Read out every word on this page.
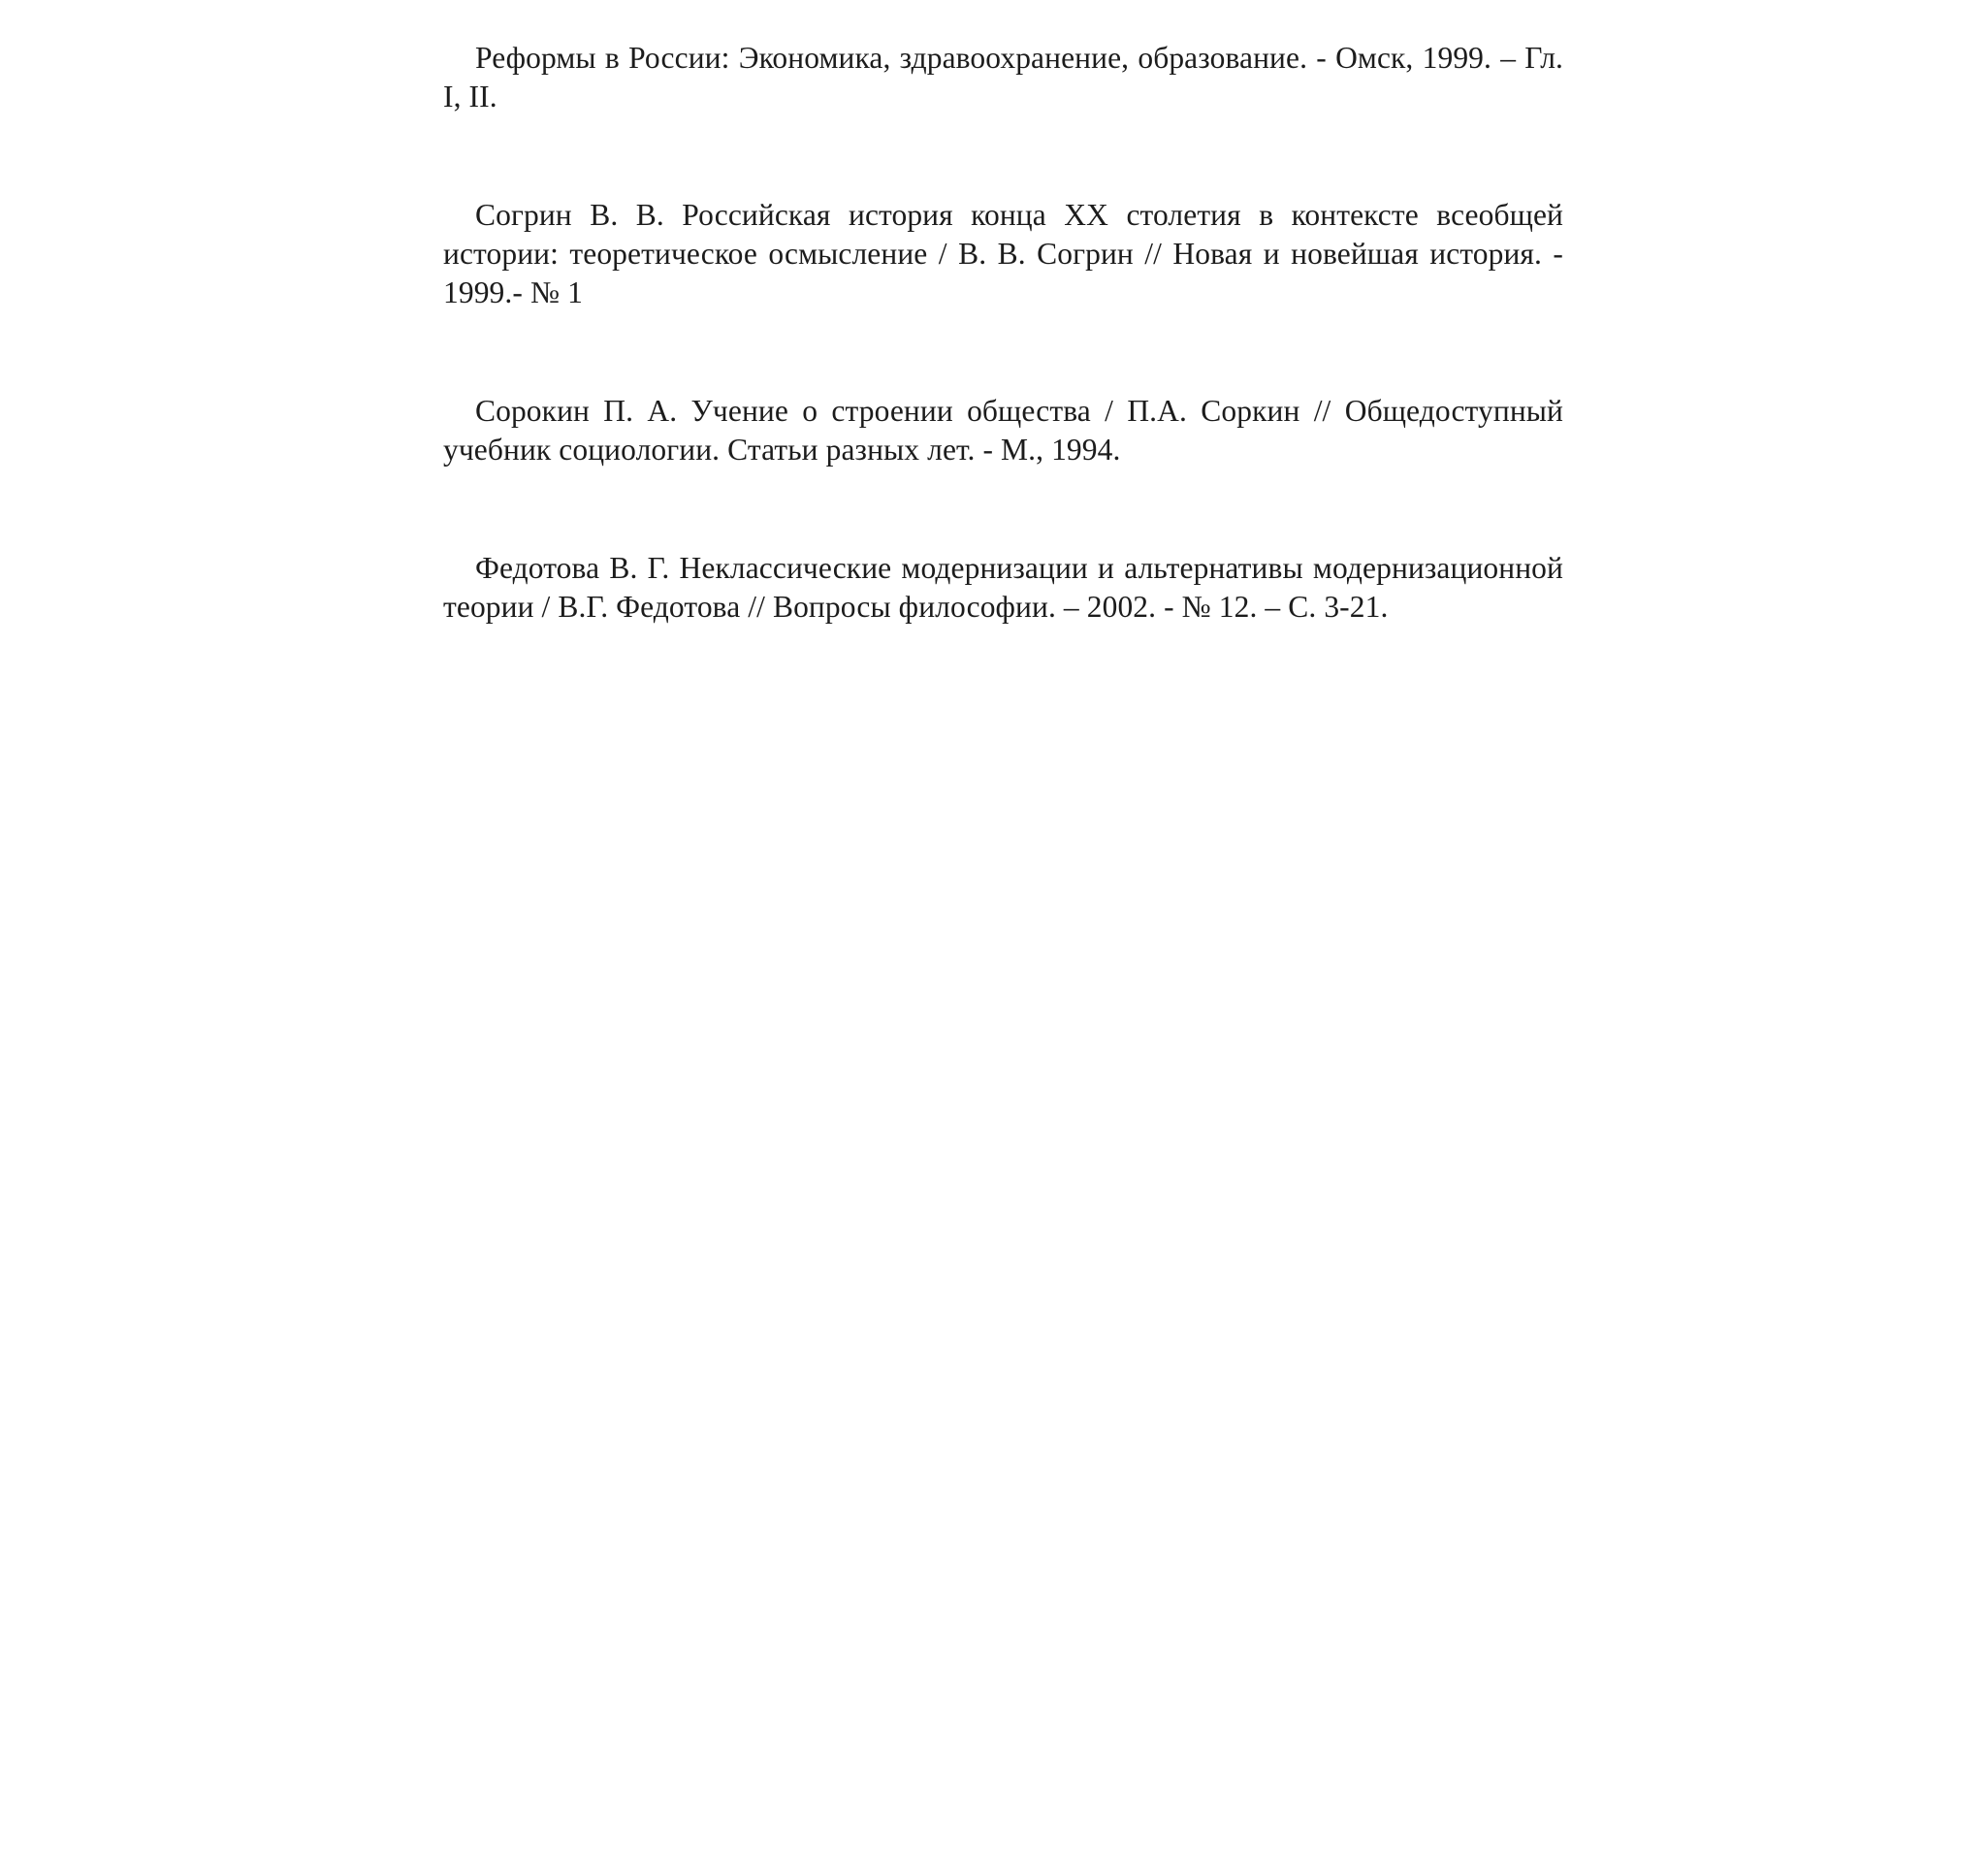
Реформы в России: Экономика, здравоохранение, образование. - Омск, 1999. – Гл. I, II.

Согрин В. В. Российская история конца XX столетия в контексте всеобщей истории: теоретическое осмысление / В. В. Согрин // Новая и новейшая история. - 1999.- № 1

Сорокин П. А. Учение о строении общества / П.А. Соркин // Общедоступный учебник социологии. Статьи разных лет. - М., 1994.

Федотова В. Г. Неклассические модернизации и альтернативы модернизационной теории / В.Г. Федотова // Вопросы философии. – 2002. - № 12. – С. 3-21.
